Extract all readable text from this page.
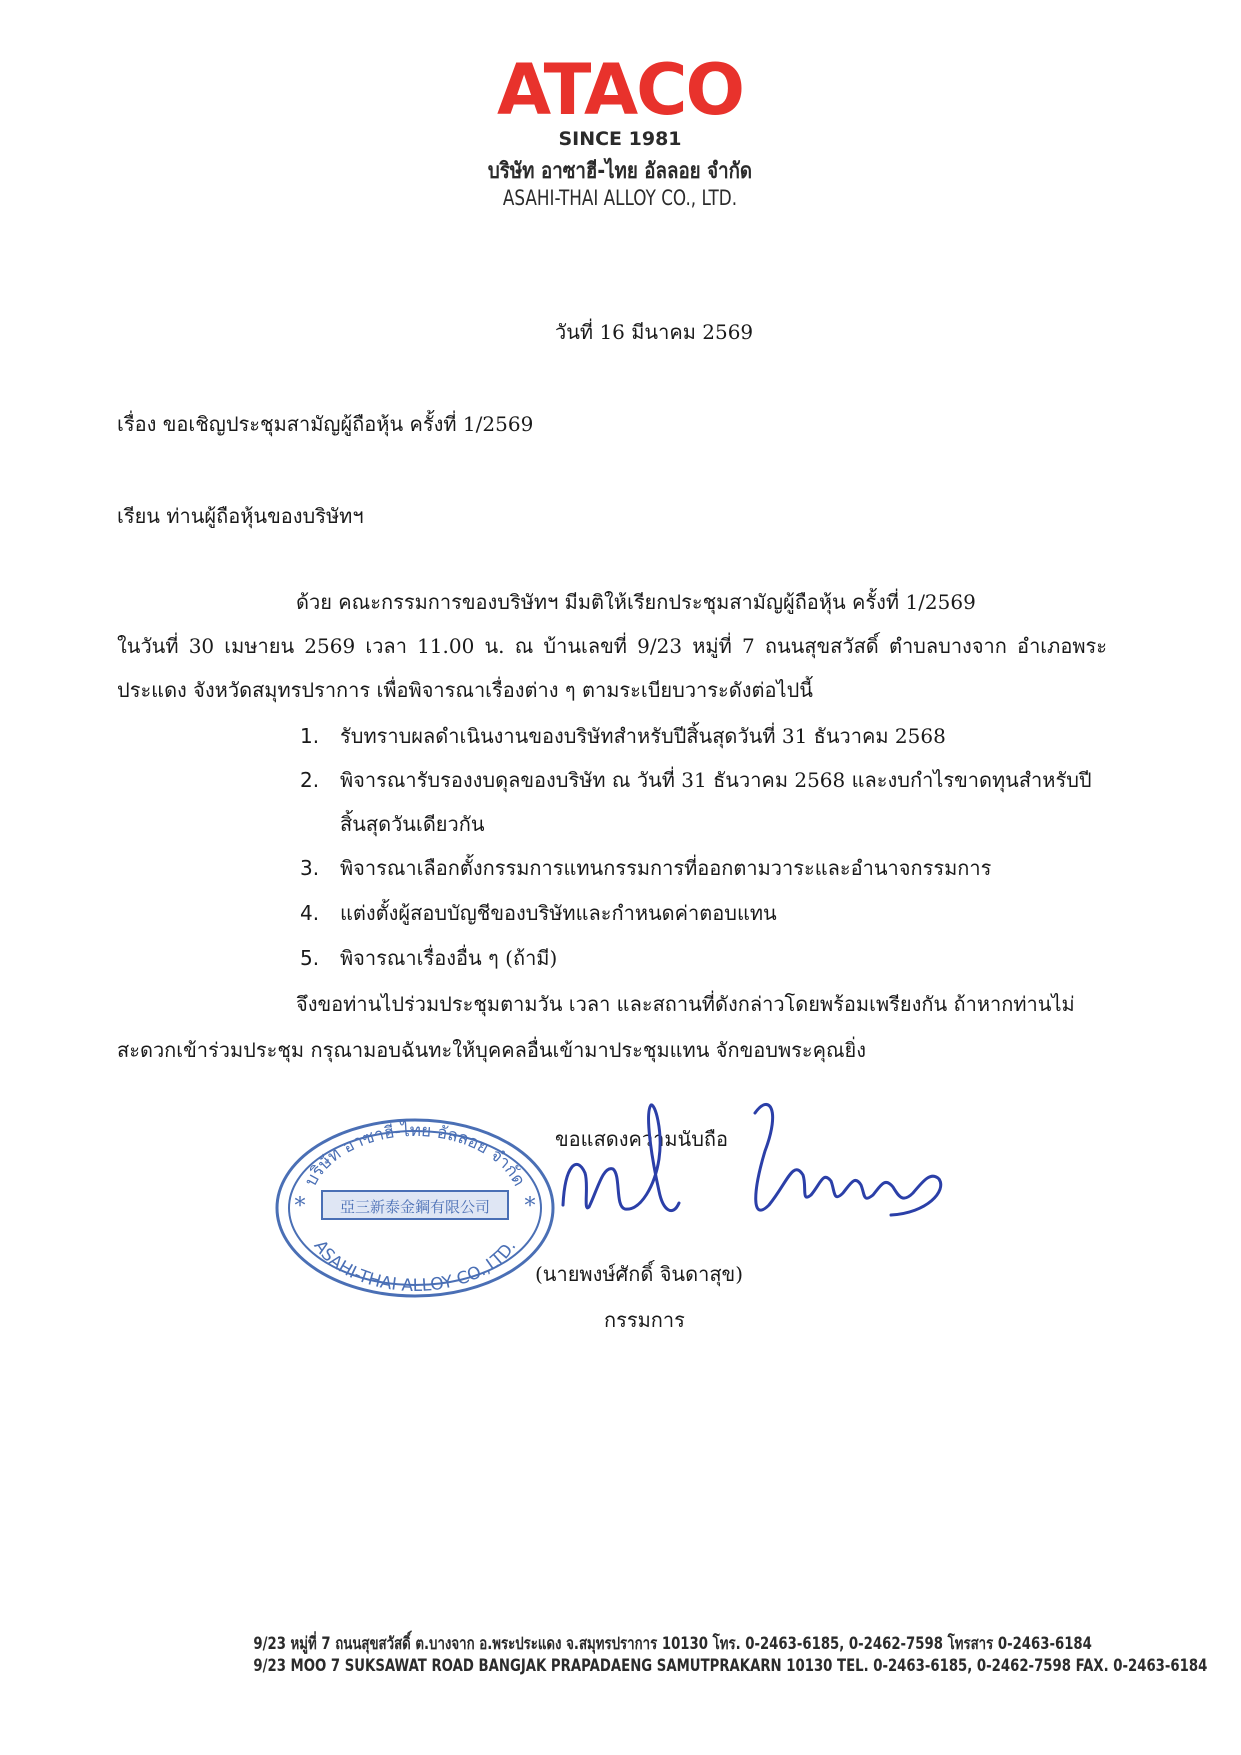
ATACO
SINCE 1981
บริษัท อาซาฮี-ไทย อัลลอย จำกัด
ASAHI-THAI ALLOY CO., LTD.
วันที่ 16 มีนาคม 2569
เรื่อง ขอเชิญประชุมสามัญผู้ถือหุ้น ครั้งที่ 1/2569
เรียน ท่านผู้ถือหุ้นของบริษัทฯ
ด้วย คณะกรรมการของบริษัทฯ มีมติให้เรียกประชุมสามัญผู้ถือหุ้น ครั้งที่ 1/2569
ในวันที่ 30 เมษายน 2569 เวลา 11.00 น. ณ บ้านเลขที่ 9/23 หมู่ที่ 7 ถนนสุขสวัสดิ์ ตำบลบางจาก อำเภอพระ
ประแดง จังหวัดสมุทรปราการ เพื่อพิจารณาเรื่องต่าง ๆ ตามระเบียบวาระดังต่อไปนี้
1. รับทราบผลดำเนินงานของบริษัทสำหรับปีสิ้นสุดวันที่ 31 ธันวาคม 2568
2. พิจารณารับรองงบดุลของบริษัท ณ วันที่ 31 ธันวาคม 2568 และงบกำไรขาดทุนสำหรับปี
สิ้นสุดวันเดียวกัน
3. พิจารณาเลือกตั้งกรรมการแทนกรรมการที่ออกตามวาระและอำนาจกรรมการ
4. แต่งตั้งผู้สอบบัญชีของบริษัทและกำหนดค่าตอบแทน
5. พิจารณาเรื่องอื่น ๆ (ถ้ามี)
จึงขอท่านไปร่วมประชุมตามวัน เวลา และสถานที่ดังกล่าวโดยพร้อมเพรียงกัน ถ้าหากท่านไม่
สะดวกเข้าร่วมประชุม กรุณามอบฉันทะให้บุคคลอื่นเข้ามาประชุมแทน จักขอบพระคุณยิ่ง
บริษัท อาซาฮี-ไทย อัลลอย จำกัด
亞三新泰金鋼有限公司
*	*
ASAHI-THAI ALLOY CO.,LTD.
ขอแสดงความนับถือ
(นายพงษ์ศักดิ์ จินดาสุข)
กรรมการ
9/23 หมู่ที่ 7 ถนนสุขสวัสดิ์ ต.บางจาก อ.พระประแดง จ.สมุทรปราการ 10130 โทร. 0-2463-6185, 0-2462-7598 โทรสาร 0-2463-6184
9/23 MOO 7 SUKSAWAT ROAD BANGJAK PRAPADAENG SAMUTPRAKARN 10130 TEL. 0-2463-6185, 0-2462-7598 FAX. 0-2463-6184
